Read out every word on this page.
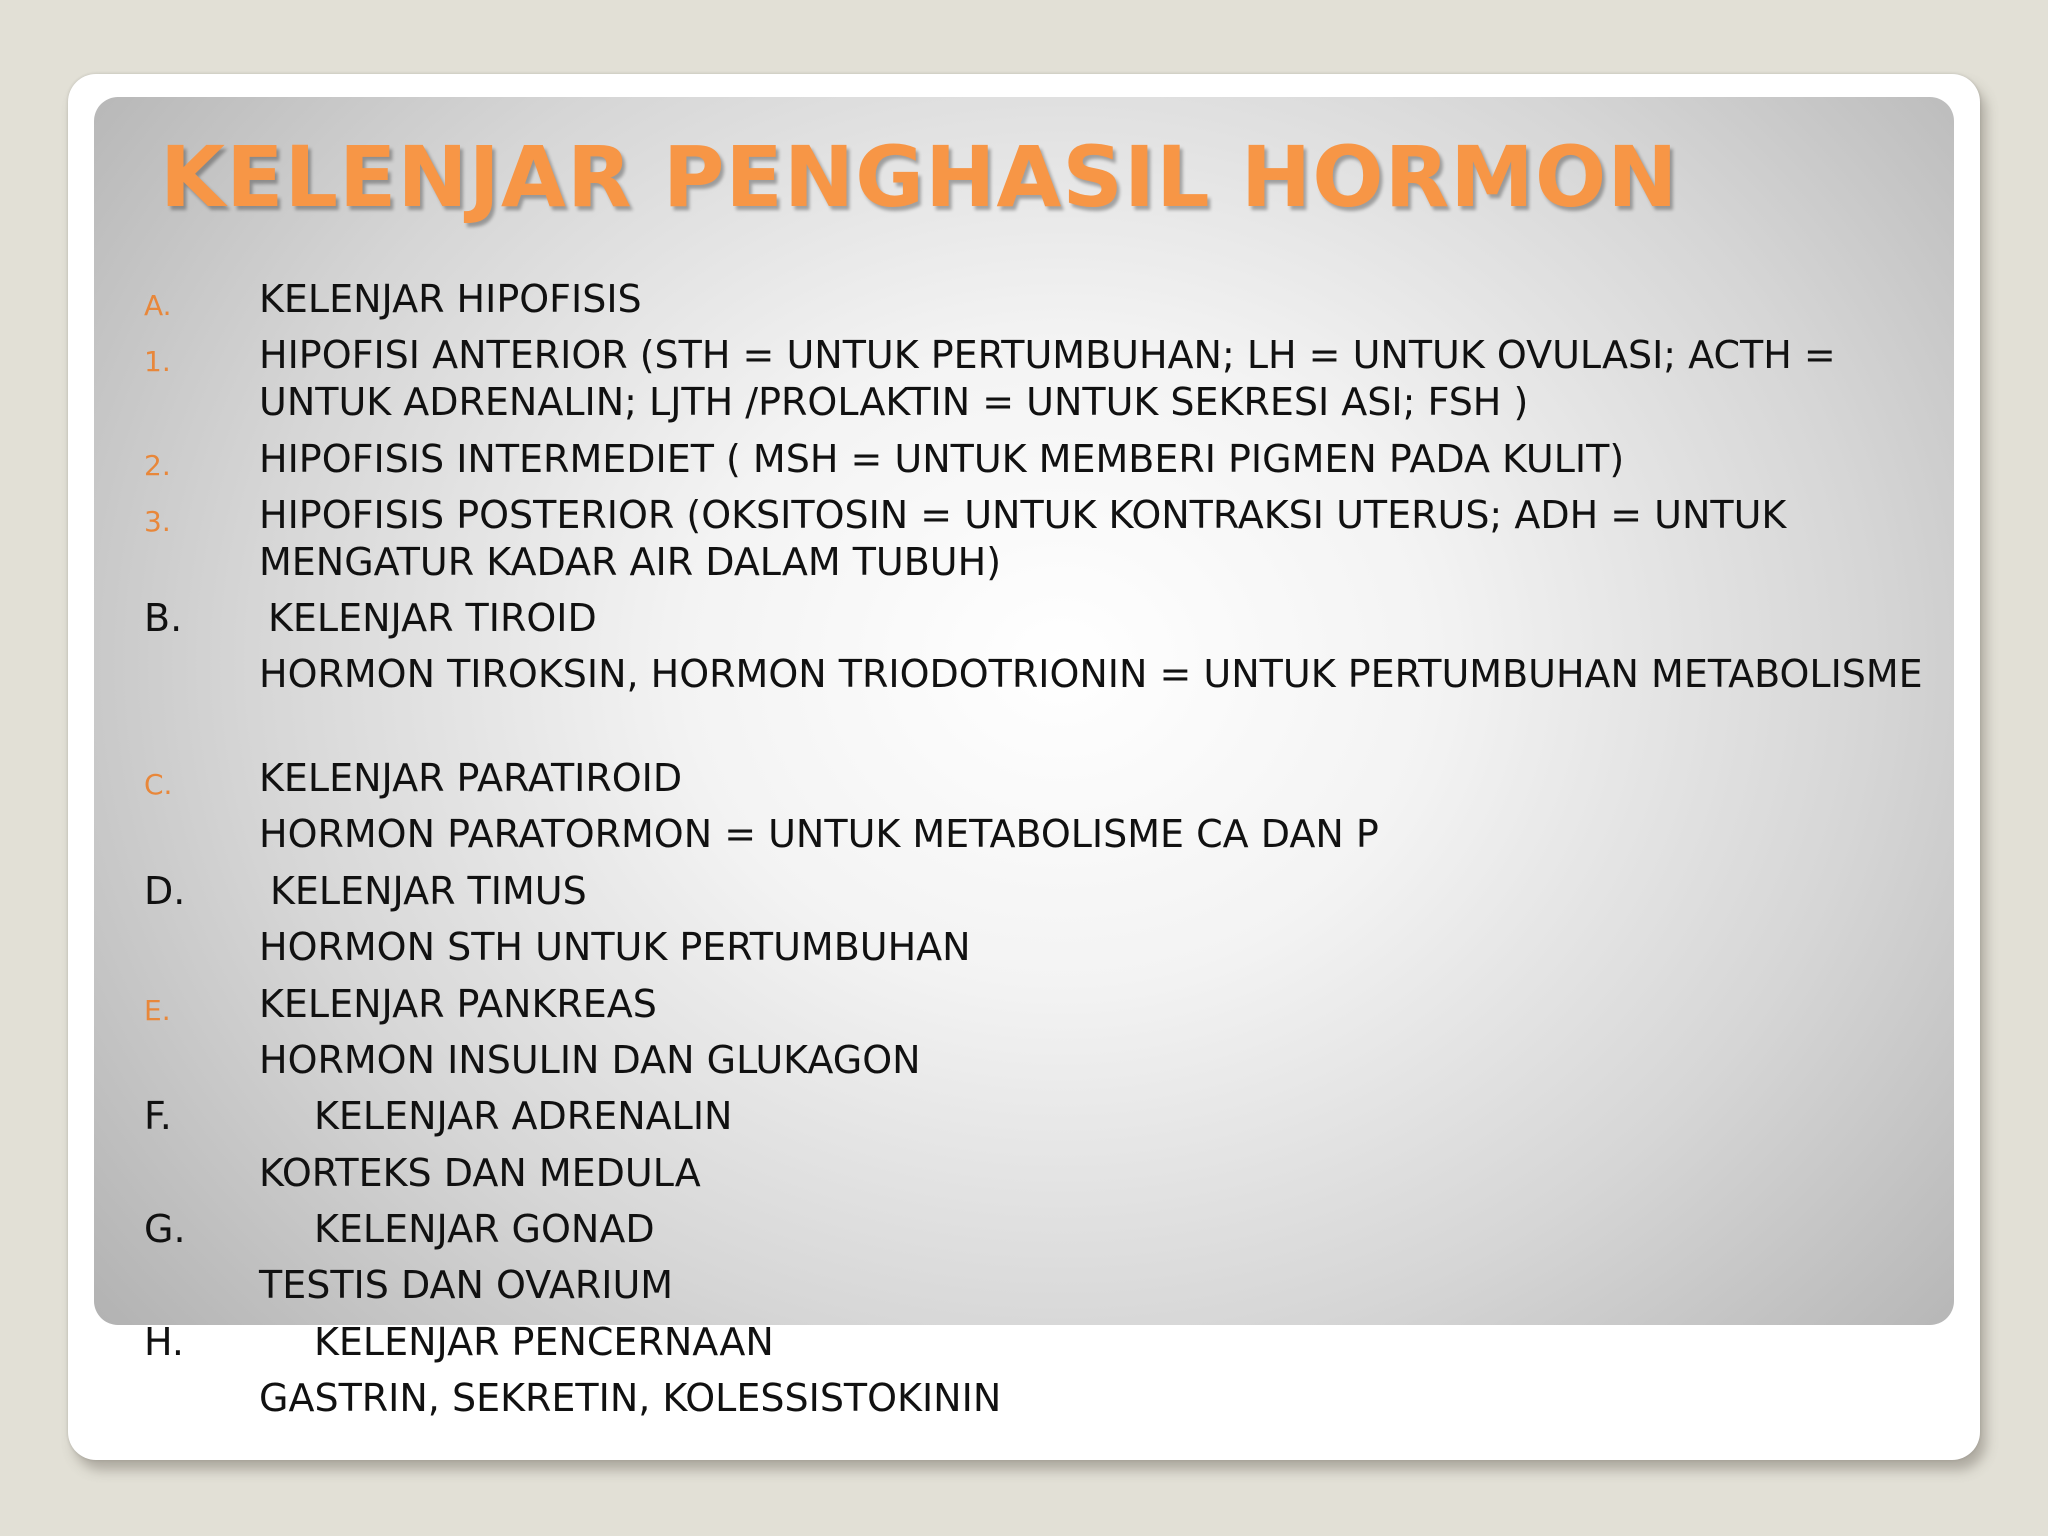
KELENJAR PENGHASIL HORMON
A. KELENJAR HIPOFISIS
1. HIPOFISI ANTERIOR (STH = UNTUK PERTUMBUHAN; LH = UNTUK OVULASI; ACTH = UNTUK ADRENALIN; LJTH /PROLAKTIN = UNTUK SEKRESI ASI; FSH )
2. HIPOFISIS INTERMEDIET ( MSH = UNTUK MEMBERI PIGMEN PADA KULIT)
3. HIPOFISIS POSTERIOR (OKSITOSIN = UNTUK KONTRAKSI UTERUS; ADH = UNTUK MENGATUR KADAR AIR DALAM TUBUH)
B. KELENJAR TIROID
HORMON TIROKSIN, HORMON TRIODOTRIONIN = UNTUK PERTUMBUHAN METABOLISME
C. KELENJAR PARATIROID
HORMON PARATORMON = UNTUK METABOLISME CA DAN P
D. KELENJAR TIMUS
HORMON STH UNTUK PERTUMBUHAN
E. KELENJAR PANKREAS
HORMON INSULIN DAN GLUKAGON
F.	KELENJAR ADRENALIN
KORTEKS DAN MEDULA
G.	KELENJAR GONAD
TESTIS DAN OVARIUM
H.	KELENJAR PENCERNAAN
GASTRIN, SEKRETIN, KOLESSISTOKININ
